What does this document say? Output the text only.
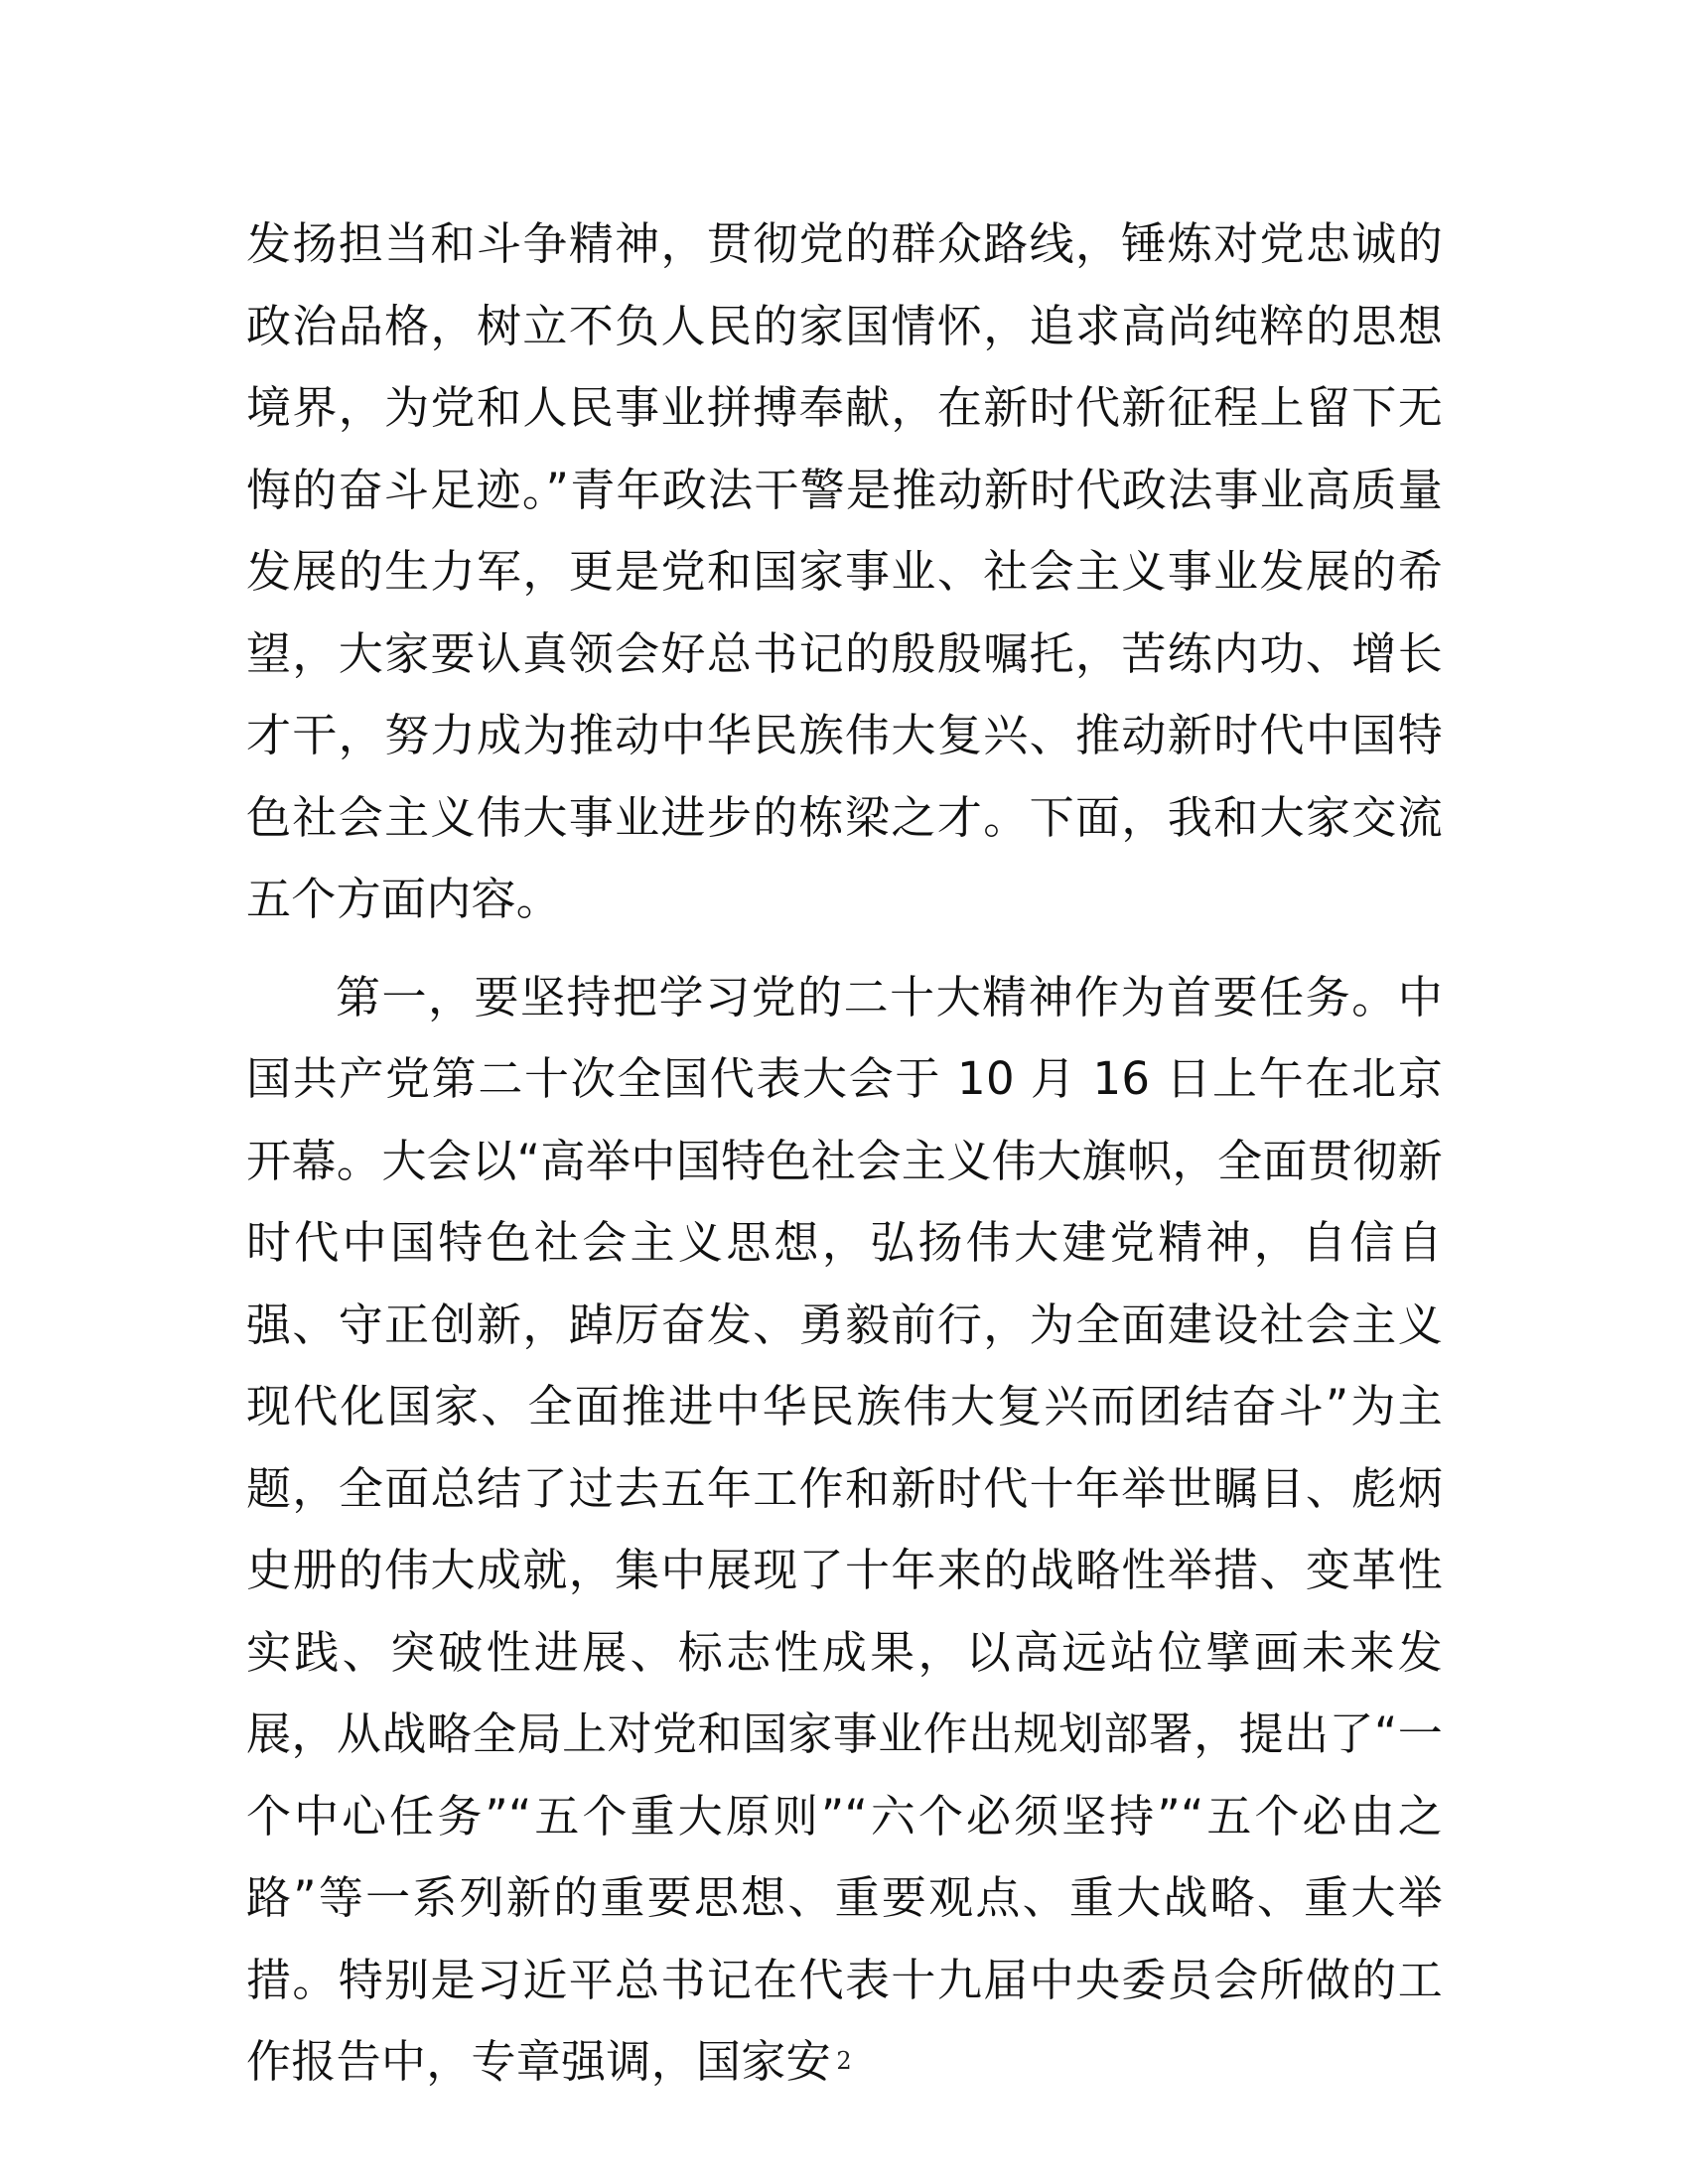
发扬担当和斗争精神，贯彻党的群众路线，锤炼对党忠诚的政治品格，树立不负人民的家国情怀，追求高尚纯粹的思想境界，为党和人民事业拼搏奉献，在新时代新征程上留下无悔的奋斗足迹。”青年政法干警是推动新时代政法事业高质量发展的生力军，更是党和国家事业、社会主义事业发展的希望，大家要认真领会好总书记的殷殷嘱托，苦练内功、增长才干，努力成为推动中华民族伟大复兴、推动新时代中国特色社会主义伟大事业进步的栋梁之才。下面，我和大家交流五个方面内容。

第一，要坚持把学习党的二十大精神作为首要任务。中国共产党第二十次全国代表大会于 10 月 16 日上午在北京开幕。大会以“高举中国特色社会主义伟大旗帜，全面贯彻新时代中国特色社会主义思想，弘扬伟大建党精神，自信自强、守正创新，踔厉奋发、勇毅前行，为全面建设社会主义现代化国家、全面推进中华民族伟大复兴而团结奋斗”为主题，全面总结了过去五年工作和新时代十年举世瞩目、彪炳史册的伟大成就，集中展现了十年来的战略性举措、变革性实践、突破性进展、标志性成果，以高远站位擘画未来发展，从战略全局上对党和国家事业作出规划部署，提出了“一个中心任务”“五个重大原则”“六个必须坚持”“五个必由之路”等一系列新的重要思想、重要观点、重大战略、重大举措。特别是习近平总书记在代表十九届中央委员会所做的工作报告中，专章强调，国家安 2
